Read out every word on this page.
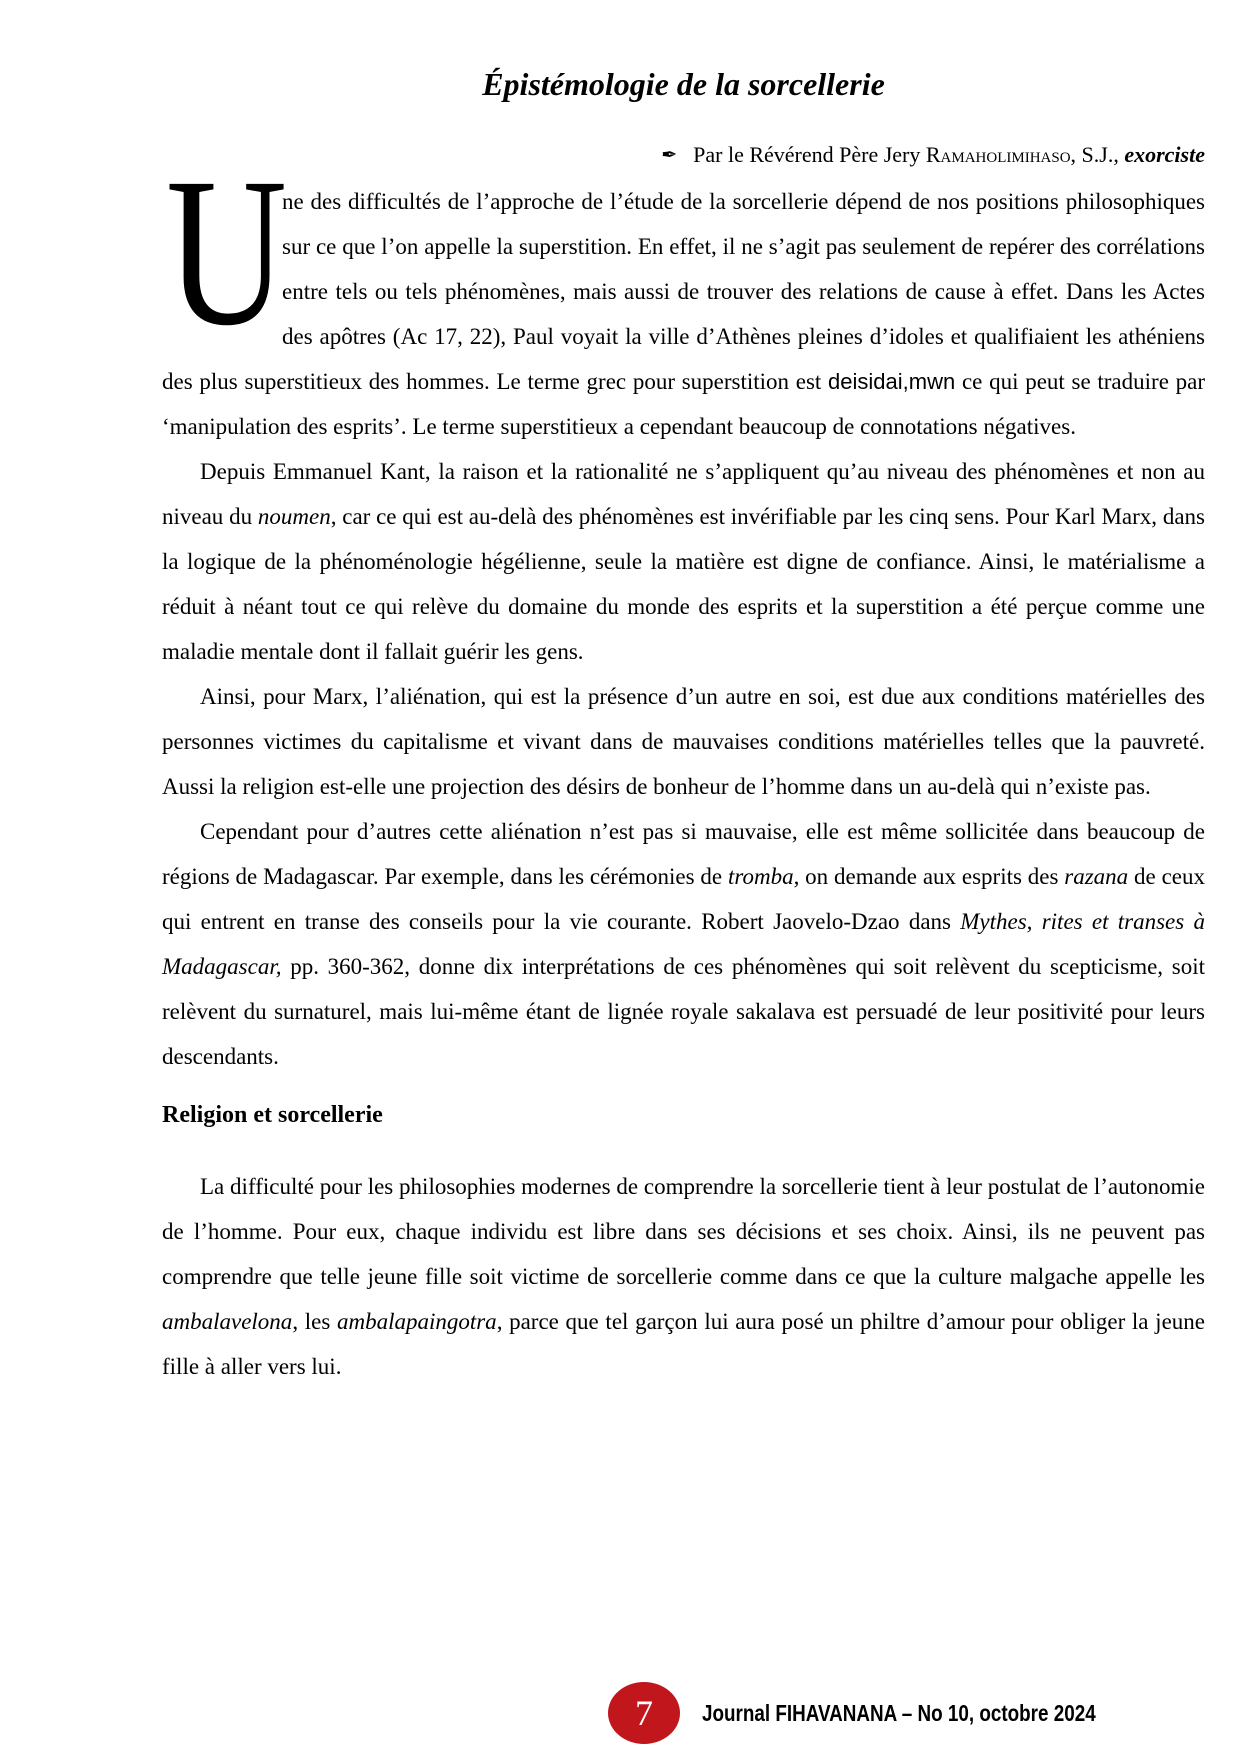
Épistémologie de la sorcellerie
✒ Par le Révérend Père Jery Ramaholimihaso, S.J., exorciste

U
ne des difficultés de l’approche de l’étude de la sorcellerie dépend de nos positions philosophiques sur ce que l’on appelle la superstition. En effet, il ne s’agit pas seulement de repérer des corrélations entre tels ou tels phénomènes, mais aussi de trouver des relations de cause à effet. Dans les Actes des apôtres (Ac 17, 22), Paul voyait la ville d’Athènes pleines d’idoles et qualifiaient les athéniens des plus superstitieux des hommes. Le terme grec pour superstition est deisidai,mwn ce qui peut se traduire par ‘manipulation des esprits’. Le terme superstitieux a cependant beaucoup de connotations négatives.

Depuis Emmanuel Kant, la raison et la rationalité ne s’appliquent qu’au niveau des phénomènes et non au niveau du noumen, car ce qui est au-delà des phénomènes est invérifiable par les cinq sens. Pour Karl Marx, dans la logique de la phénoménologie hégélienne, seule la matière est digne de confiance. Ainsi, le matérialisme a réduit à néant tout ce qui relève du domaine du monde des esprits et la superstition a été perçue comme une maladie mentale dont il fallait guérir les gens.

Ainsi, pour Marx, l’aliénation, qui est la présence d’un autre en soi, est due aux conditions matérielles des personnes victimes du capitalisme et vivant dans de mauvaises conditions matérielles telles que la pauvreté. Aussi la religion est-elle une projection des désirs de bonheur de l’homme dans un au-delà qui n’existe pas.

Cependant pour d’autres cette aliénation n’est pas si mauvaise, elle est même sollicitée dans beaucoup de régions de Madagascar. Par exemple, dans les cérémonies de tromba, on demande aux esprits des razana de ceux qui entrent en transe des conseils pour la vie courante. Robert Jaovelo-Dzao dans Mythes, rites et transes à Madagascar, pp. 360-362, donne dix interprétations de ces phénomènes qui soit relèvent du scepticisme, soit relèvent du surnaturel, mais lui-même étant de lignée royale sakalava est persuadé de leur positivité pour leurs descendants.

Religion et sorcellerie

La difficulté pour les philosophies modernes de comprendre la sorcellerie tient à leur postulat de l’autonomie de l’homme. Pour eux, chaque individu est libre dans ses décisions et ses choix. Ainsi, ils ne peuvent pas comprendre que telle jeune fille soit victime de sorcellerie comme dans ce que la culture malgache appelle les ambalavelona, les ambalapaingotra, parce que tel garçon lui aura posé un philtre d’amour pour obliger la jeune fille à aller vers lui.

7 Journal FIHAVANANA – No 10, octobre 2024
